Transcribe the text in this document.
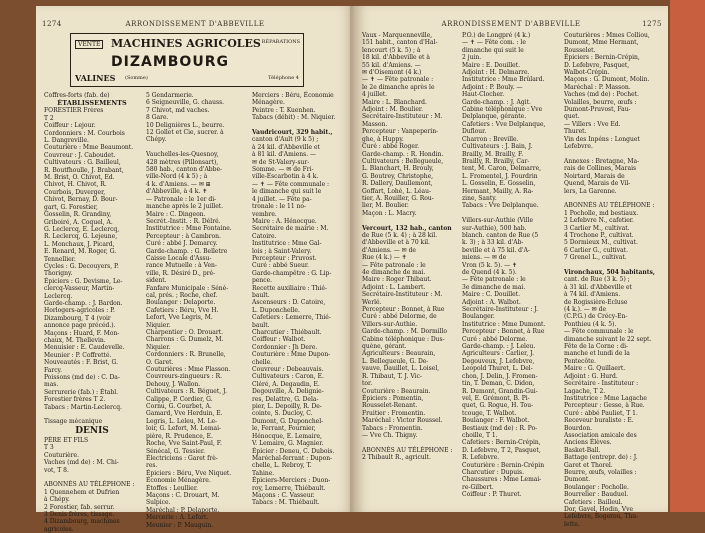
1274	ARRONDISSEMENT D'ABBEVILLE
VENTE MACHINES AGRICOLES RÉPARATIONS
DIZAMBOURG
VALINES (Somme)	Téléphone 4

Coffres-forts (fab. de)

ÉTABLISSEMENTS

FORESTIER Frères

T 2

Coiffeur : Lejour.

Cordonniers : M. Courbois

L. Dangreville.

Couturière : Mme Beaumont.

Couvreur : J. Caboudet.

Cultivateurs : G. Bailleul,

R. Boutfhoulle, J. Brabant,

M. Brist, O. Chivot, Ed.

Chivot, H. Chivot, R.

Courbois, Duverger,

Chivot, Bernay, D. Bour-

gart, G. Forestier,

Gosselin, R. Grandiny,

Griboiré, A. Coquel, A.

G. Leclercq, E. Leclercq,

R. Leclercq, G. Lejeune,

L. Monchaux, J. Picard,

E. Renard, M. Roger, G.

Tennellier.

Cycles : G. Decouyers, P.

Thorigny.

Épiciers : G. Devisme, Le-

clercq-Vasseur, Martin-

Leclercq.

Garde-champ. : J. Bardon.

Horlogers-agricoles : P.

Dizambourg, T 4 (voir

annonce page précéd.).

Maçons : Huard, F. Mon-

chaux, M. Thellevin.

Menuisier : E. Caudevelle.

Meunier : P. Coffretté.

Nouveautés : F. Brist, G.

Farcy.

Poissons (md de) : C. Da-

mas.

Serrurerie (fab.) : Établ.

Forestier frères T 2.

Tabacs : Martin-Leclercq.

Tissage mécanique

DENIS

PÈRE ET FILS

T 3

Couturière.

Vaches (md de) : M. Chi-

vot, T 8.

ABONNÉS AU TÉLÉPHONE :

1 Quennehem et Dufrien

à Chépy.

2 Forestier, fab. serrur.

3 Denis frères, tissage.

4 Dizambourg, machines

agricoles.

5 Gendarmerie.

6 Seigneuville, G. chauss.

7 Chivot, md vaches.

8 Gare.

10 Delignières L., beurre.

12 Gollet et Cie, sucrer. à

Chépy.

Vauchelles-les-Quesnoy,

428 mètres (Pillonsart),

580 hab., canton d'Abbe-

ville-Nord (4 k 5) ; à

4 k. d'Amiens. — ✉ ⊞

d'Abbeville, à 4 k. ✝

— Patronale : le 1er di-

manche après le 2 juillet.

Maire : C. Dingeon.

Secrét.-Instit. : R. Délré.

Institutrice : Mme Fontaine.

Percepteur : à Cambron.

Curé : abbé J. Demarcy.

Garde-champ. : G. Belletre

Caisse Locale d'Assu-

rance Mutuelle : à Ven-

ville, R. Désiré D., pré-

sident.

Fanfare Municipale : Séné-

cal, prés. ; Roche, chef.

Boulanger : Delaporte.

Cafetiers : Béru, Vve H.

Lefort, Vve Legris, M.

Niquier.

Charpentier : O. Drouart.

Charrons : G. Dumelz, M.

Niquier.

Cordonniers : R. Brunelle,

O. Garet.

Couturières : Mme Plasson.

Couvreurs-zingueurs : R.

Dehouy, J. Wallon.

Cultivateurs : R. Béguet, J.

Calippe, P. Cordier, G.

Cornu, G. Courbet, A.

Gamard, Vve Herduin, E.

Legris, L. Leleu, M. Le-

loir, G. Lefort, M. Lemai-

pière, R. Prudence, E.

Roche, Vve Saint-Paul, F.

Sénécal, G. Tessier.

Électriciens : Garet frè-

res.

Épiciers : Béru, Vve Niquet.

Économie Ménagère.

Étoffes : Leullier.

Maçons : C. Drouart, M.

Sulpice.

Maréchal : P. Delaporte.

Mercerie : A. Lefort.

Meunier : P. Mauguin.

Merciers : Béru, Économie

Ménagère.

Peintre : T. Kuenhen.

Tabacs (débit) : M. Niquier.

Vaudricourt, 329 habit.,

canton d'Ault (9 k 5) ;

à 24 kil. d'Abbeville et

à 81 kil. d'Amiens. —

✉ de St-Valery-sur-

Somme. — ✉ de Fri-

ville-Escarbotin à 4 k.

— ✝ — Fête communale :

le dimanche qui suit le

4 juillet. — Fête pa-

tronale : le 11 no-

vembre.

Maire : A. Hénocque.

Secrétaire de mairie : M.

Catoire.

Institutrice : Mme Gal-

lois ; à Saint-Valery.

Percepteur : Pruvost.

Curé : abbé Sueur.

Garde-champêtre : G. Lip-

pence.

Recette auxiliaire : Thié-

bault.

Ascenseurs : D. Catoire,

L. Duponchelle.

Cafetiers : Lemerre, Thié-

bault.

Charcutier : Thiébault.

Coiffeur : Walbot.

Cordonnier : Jh Dere.

Couturière : Mme Dupon-

chelle.

Couvreur : Debeauvais.

Cultivateurs : Caron, E.

Cléré, A. Degaudin, E.

Degouville, A. Delignie-

res, Delattre, G. Dela-

pier, L. Depoilly, R. De-

cointe, S. Ducloy, C.

Dumont, G. Duponchel-

le, Ferrant, Fournier,

Hénocque, E. Lemaire,

V. Lemaire, G. Magnier.

Épicier : Deneu, C. Dubois.

Maréchal-ferrant : Dupon-

chelle, L. Rebroy, T.

Tahine.

Épiciers-Merciers : Duon-

roy, Lemerre, Thiébault.

Maçons : C. Vasseur.

Tabacs : M. Thiébault.

ARRONDISSEMENT D'ABBEVILLE	1275

Vaux - Marquenneville,

151 habit., canton d'Hal-

lencourt (5 k. 5) ; à

18 kil. d'Abbeville et à

55 kil. d'Amiens. —

✉ d'Oisemont (4 k.)

— ✝ — Fête patronale :

le 2e dimanche après le

4 juillet.

Maire : L. Blanchard.

Adjoint : M. Boulier.

Secrétaire-Instituteur : M.

Masson.

Percepteur : Vanpeperin-

ghe, à Huppy.

Curé : abbé Roger.

Garde-champ. : R. Hondin.

Cultivateurs : Bellegueule,

L. Blanchart, H. Brouly,

G. Boutrey, Christophe,

R. Dallery, Daullemont,

Goffart, Lohé, L. Léau-

tier, A. Rouiller, G. Rou-

lier, M. Boulier.

Maçon : L. Macry.

Vercourt, 132 hab., canton

de Rue (5 k. 4) ; à 28 kil.

d'Abbeville et à 70 kil.

d'Amiens. — ✉ de

Rue (4 k.) — ✝

— Fête patronale : le

4e dimanche de mai.

Maire : Roger Thibaut.

Adjoint : L. Lambert.

Secrétaire-Instituteur : M.

Werlé.

Percepteur : Bonnet, à Rue

Curé : abbé Delorme, de

Villers-sur-Authie.

Garde-champ. : M. Dormillo

Cabine téléphonique : Dus-

quène, gérant.

Agriculteurs : Beaurain,

L. Bellegueule, G. De-

vauve, Dauillet, L. Loisel,

R. Thibaut, T. J. Vic-

tor.

Couturière : Beaurain.

Épiciers : Pomentin,

Rousselet-Renant.

Fruitier : Fromentin.

Maréchal : Victor Roussel.

Tabacs : Fromentin.

— Vve Ch. Thigny.

ABONNÉS AU TÉLÉPHONE :

2 Thibault R., agricult.

P.O.) de Longpré (4 k.)

— ✝ — Fête com. : le

dimanche qui suit le

2 juin.

Maire : E. Douillet.

Adjoint : H. Delmarre.

Institutrice : Mme Brûlard.

Adjoint : P. Bouly. —

Haut-Clocher.

Garde-champ. : J. Agit.

Cabine téléphonique : Vve

Delplanque, gérante.

Cafetiers : Vve Delplanque,

Duflour.

Charron : Breville.

Cultivateurs : J. Bain, J.

Brailly, M. Brailly, F.

Brailly, R. Brailly, Car-

tent, M. Caron, Delmarre,

L. Fromentel, J. Fourdrin

L. Gosselin, E. Gosselin,

Hermant, Mailly, A. Ra-

zine, Santy.

Tabacs : Vve Delplanque.

Villers-sur-Authie (Ville

sur-Authie), 500 hab.

blanch. canton de Rue (5

k. 3) ; à 33 kil. d'Ab-

beville et à 75 kil. d'A-

miens. — ✉ de

Vron (5 k. 5). — ✝

de Quend (4 k. 5).

— Fête patronale : le

3e dimanche de mai.

Maire : C. Douillet.

Adjoint : A. Walbot.

Secrétaire-Instituteur : J.

Boulanger.

Institutrice : Mme Dumont.

Percepteur : Bonnet, à Rue

Curé : abbé Delorme.

Garde-champ. : J. Leleu.

Agriculteurs : Carlier, J.

Degouveux, J. Lefebvre,

Leopold Thuret, L. Del-

chon, J. Delin, J. Fromen-

tin, T. Deman, C. Didon,

R. Dumont, Grandin-Gui-

vel, E. Grémont, B. Pi-

quet, G. Rogue, H. Tou-

tcouge, T. Walbot.

Boulanger : F. Walbot.

Bestiaux (md de) : R. Po-

choille, T 1.

Cafetiers : Bernin-Crépin,

D. Lefebvre, T 2, Pasquet,

R. Lefebvre.

Couturière : Bernin-Crépin

Charcutier : Dupuis.

Chaussures : Mme Lemai-

re-Gilbert.

Coiffeur : P. Thuret.

Couturières : Mmes Colliou,

Dumont, Mme Hermant,

Rousselet.

Épiciers : Bernin-Crépin,

D. Lefebvre, Pasquet,

Walbot-Crépin.

Maçons : G. Dumont, Molin.

Maréchal : P. Masson.

Vaches (md de) : Pochet.

Volailles, beurre, œufs :

Dumont-Pruvost, Fau-

quet.

— Villers : Vve Ed.

Thuret.

Vin des Inpéns : Longuet

Lefebvre.

Annexes : Bretagne, Ma-

rais de Collines, Marais

Noirtard, Marais de

Quend, Marais de Vil-

lers, La Garenne.

ABONNÉS AU TÉLÉPHONE :

1 Pocholle, md bestiaux.

2 Lefebvre N., cafetier.

3 Carlier M., cultivat.

4 Trochone P., cultivat.

5 Dormieux M., cultivat.

6 Carlier G., cultivat.

7 Grenel L., cultivat.

Vironchaux, 504 habitants,

cant. de Rue (3 k. 5) ;

à 31 kil. d'Abbeville et

à 74 kil. d'Amiens.

de Rogissière-Ecluse

(4 k.). — ✉ de

(C.P.G.) de Crécy-En-

Ponthieu (4 k. 5).

— Fête communale : le

dimanche suivant le 22 sept.

Fête de la Corne : di-

manche et lundi de la

Pentecôte.

Maire : G. Quillaert.

Adjoint : G. Hurd.

Secrétaire - Instituteur :

Lagache, T 2.

Institutrice : Mme Lagache

Percepteur : Gesse, à Rue.

Curé : abbé Pauliet, T 1.

Receveur buraliste : E.

Bourdon.

Association amicale des

Anciens Élèves.

Basket-Ball.

Battage (entrepr. de) : J.

Garet et Thorel.

Beurre, œufs, volailles :

Dumont.

Boulanger : Pocholle.

Bourrelier : Bauduel.

Cafetiers : Bailleul.

Dor, Gavel, Hodin, Vve

Lefebvre, Bogerou, Thu-

lette.
